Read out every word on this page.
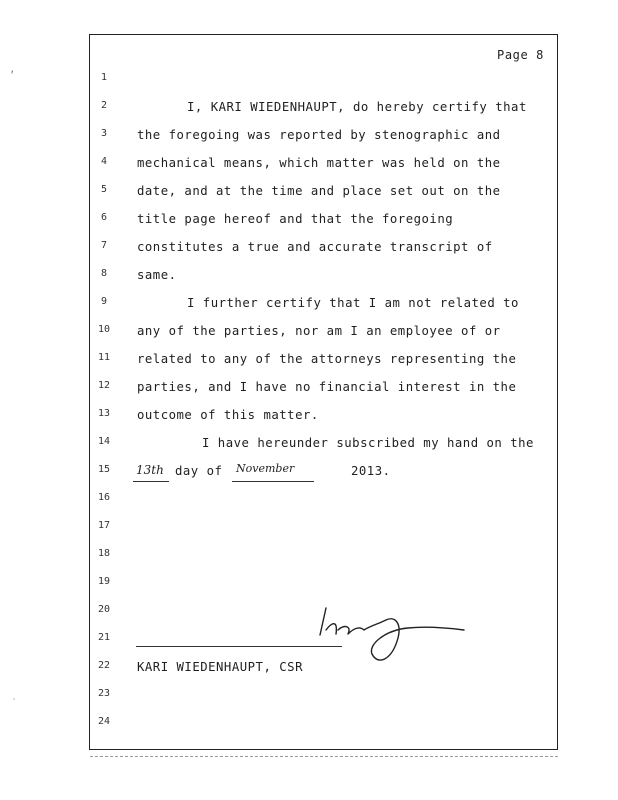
Page 8
1
2
3
4
5
6
7
8
9
10
11
12
13
14
15
16
17
18
19
20
21
22
23
24
I, KARI WIEDENHAUPT, do hereby certify that
the foregoing was reported by stenographic and
mechanical means, which matter was held on the
date, and at the time and place set out on the
title page hereof and that the foregoing
constitutes a true and accurate transcript of
same.
I further certify that I am not related to
any of the parties, nor am I an employee of or
related to any of the attorneys representing the
parties, and I have no financial interest in the
outcome of this matter.
I have hereunder subscribed my hand on the
13th day of November	2013.
KARI WIEDENHAUPT, CSR
ʼ
˙
